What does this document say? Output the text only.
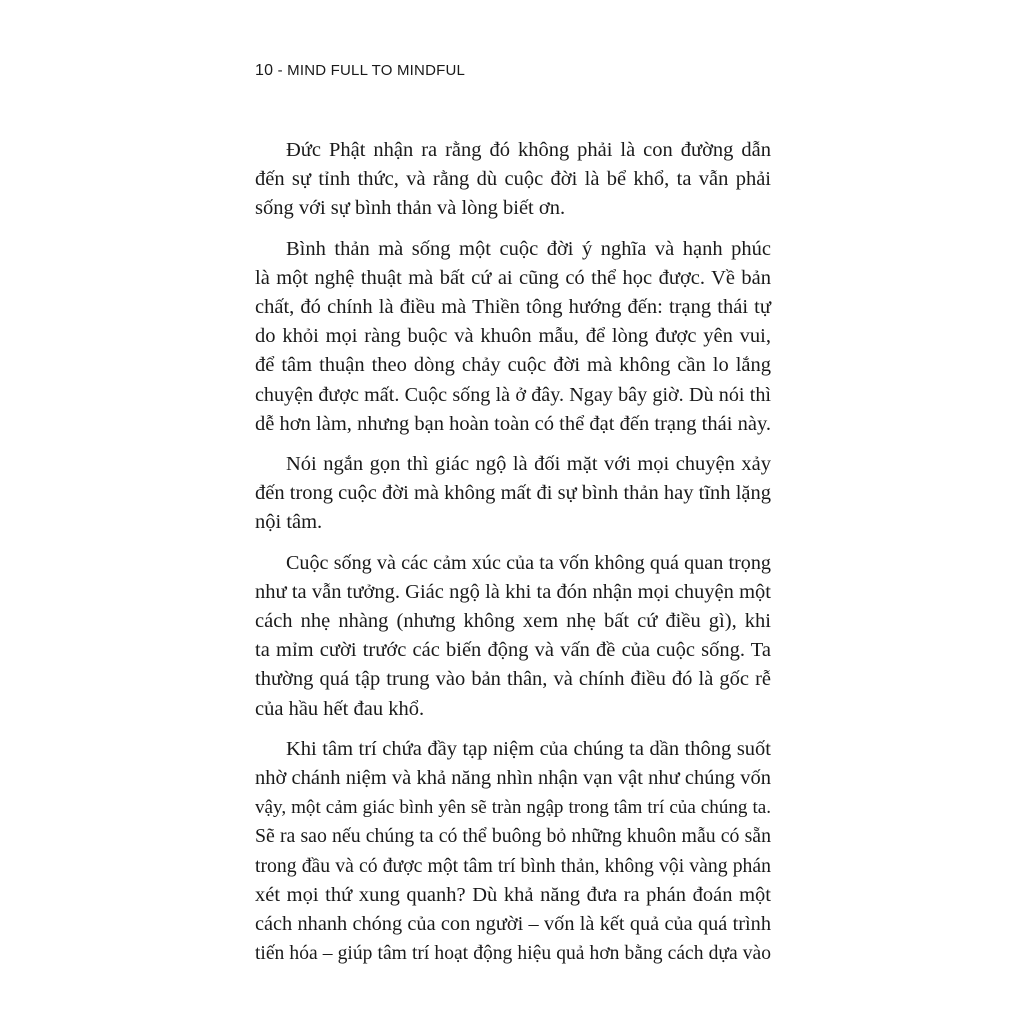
10 - MIND FULL TO MINDFUL
Đức Phật nhận ra rằng đó không phải là con đường dẫn
đến sự tỉnh thức, và rằng dù cuộc đời là bể khổ, ta vẫn phải
sống với sự bình thản và lòng biết ơn.
Bình thản mà sống một cuộc đời ý nghĩa và hạnh phúc
là một nghệ thuật mà bất cứ ai cũng có thể học được. Về bản
chất, đó chính là điều mà Thiền tông hướng đến: trạng thái tự
do khỏi mọi ràng buộc và khuôn mẫu, để lòng được yên vui,
để tâm thuận theo dòng chảy cuộc đời mà không cần lo lắng
chuyện được mất. Cuộc sống là ở đây. Ngay bây giờ. Dù nói thì
dễ hơn làm, nhưng bạn hoàn toàn có thể đạt đến trạng thái này.
Nói ngắn gọn thì giác ngộ là đối mặt với mọi chuyện xảy
đến trong cuộc đời mà không mất đi sự bình thản hay tĩnh lặng
nội tâm.
Cuộc sống và các cảm xúc của ta vốn không quá quan trọng
như ta vẫn tưởng. Giác ngộ là khi ta đón nhận mọi chuyện một
cách nhẹ nhàng (nhưng không xem nhẹ bất cứ điều gì), khi
ta mỉm cười trước các biến động và vấn đề của cuộc sống. Ta
thường quá tập trung vào bản thân, và chính điều đó là gốc rễ
của hầu hết đau khổ.
Khi tâm trí chứa đầy tạp niệm của chúng ta dần thông suốt
nhờ chánh niệm và khả năng nhìn nhận vạn vật như chúng vốn
vậy, một cảm giác bình yên sẽ tràn ngập trong tâm trí của chúng ta.
Sẽ ra sao nếu chúng ta có thể buông bỏ những khuôn mẫu có sẵn
trong đầu và có được một tâm trí bình thản, không vội vàng phán
xét mọi thứ xung quanh? Dù khả năng đưa ra phán đoán một
cách nhanh chóng của con người – vốn là kết quả của quá trình
tiến hóa – giúp tâm trí hoạt động hiệu quả hơn bằng cách dựa vào
